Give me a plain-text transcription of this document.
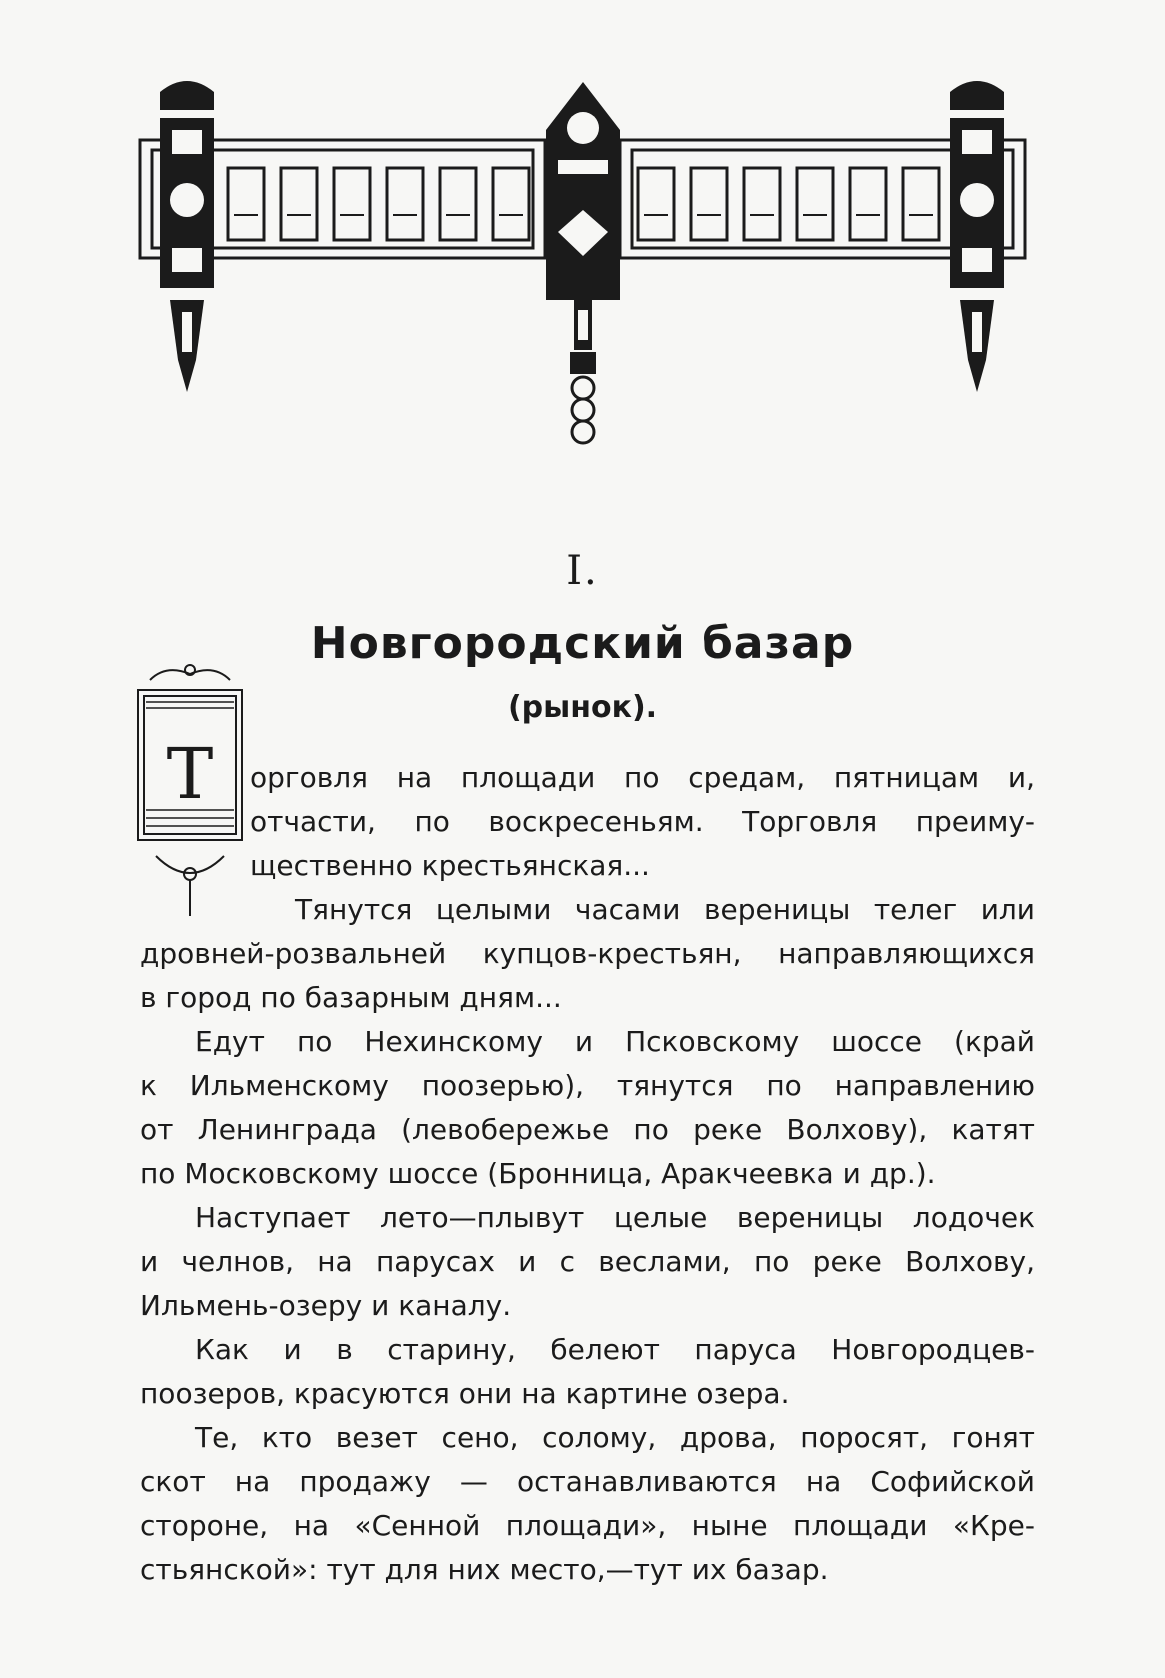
I.
Новгородский базар
(рынок).
Т орговля на площади по средам, пятницам и,
отчасти, по воскресеньям. Торговля преиму-
щественно крестьянская...
Тянутся целыми часами вереницы телег или
дровней-розвальней купцов-крестьян, направляющихся
в город по базарным дням...
Едут по Нехинскому и Псковскому шоссе (край
к Ильменскому поозерью), тянутся по направлению
от Ленинграда (левобережье по реке Волхову), катят
по Московскому шоссе (Бронница, Аракчеевка и др.).
Наступает лето—плывут целые вереницы лодочек
и челнов, на парусах и с веслами, по реке Волхову,
Ильмень-озеру и каналу.
Как и в старину, белеют паруса Новгородцев-
поозеров, красуются они на картине озера.
Те, кто везет сено, солому, дрова, поросят, гонят
скот на продажу — останавливаются на Софийской
стороне, на «Сенной площади», ныне площади «Кре-
стьянской»: тут для них место,—тут их базар.
